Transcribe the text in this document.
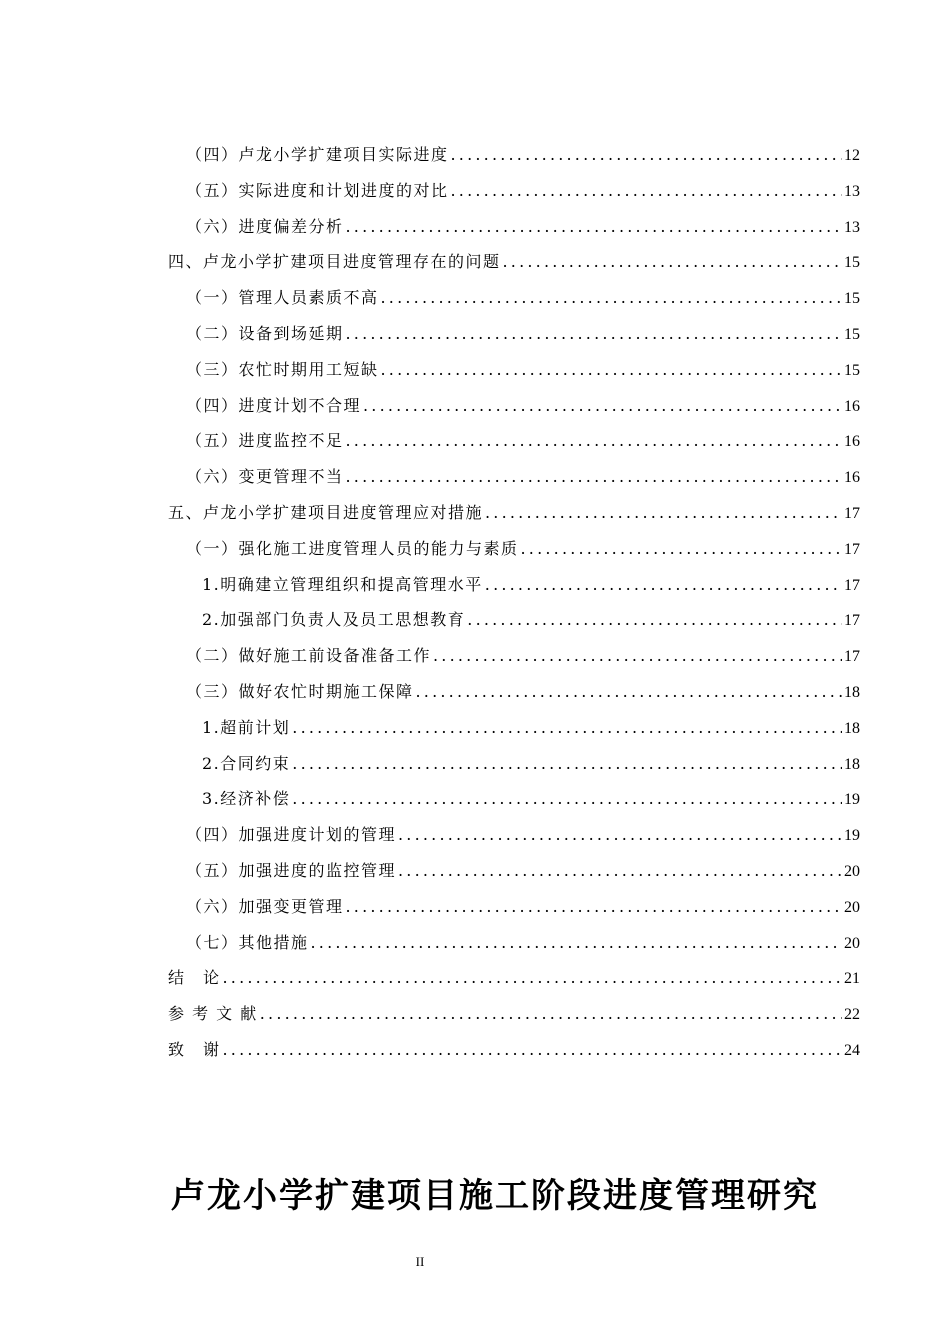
（四）卢龙小学扩建项目实际进度 .....	12
（五）实际进度和计划进度的对比 .....	13
（六）进度偏差分析 .....	13
四、卢龙小学扩建项目进度管理存在的问题 .....	15
（一）管理人员素质不高 .....	15
（二）设备到场延期 .....	15
（三）农忙时期用工短缺 .....	15
（四）进度计划不合理 .....	16
（五）进度监控不足 .....	16
（六）变更管理不当 .....	16
五、卢龙小学扩建项目进度管理应对措施 .....	17
（一）强化施工进度管理人员的能力与素质 .....	17
1.明确建立管理组织和提高管理水平 .....	17
2.加强部门负责人及员工思想教育 .....	17
（二）做好施工前设备准备工作 .....	17
（三）做好农忙时期施工保障 .....	18
1.超前计划 .....	18
2.合同约束 .....	18
3.经济补偿 .....	19
（四）加强进度计划的管理 .....	19
（五）加强进度的监控管理 .....	20
（六）加强变更管理 .....	20
（七）其他措施 .....	20
结　论 .....	21
参 考 文 献 .....	22
致　谢 .....	24
卢龙小学扩建项目施工阶段进度管理研究
II
